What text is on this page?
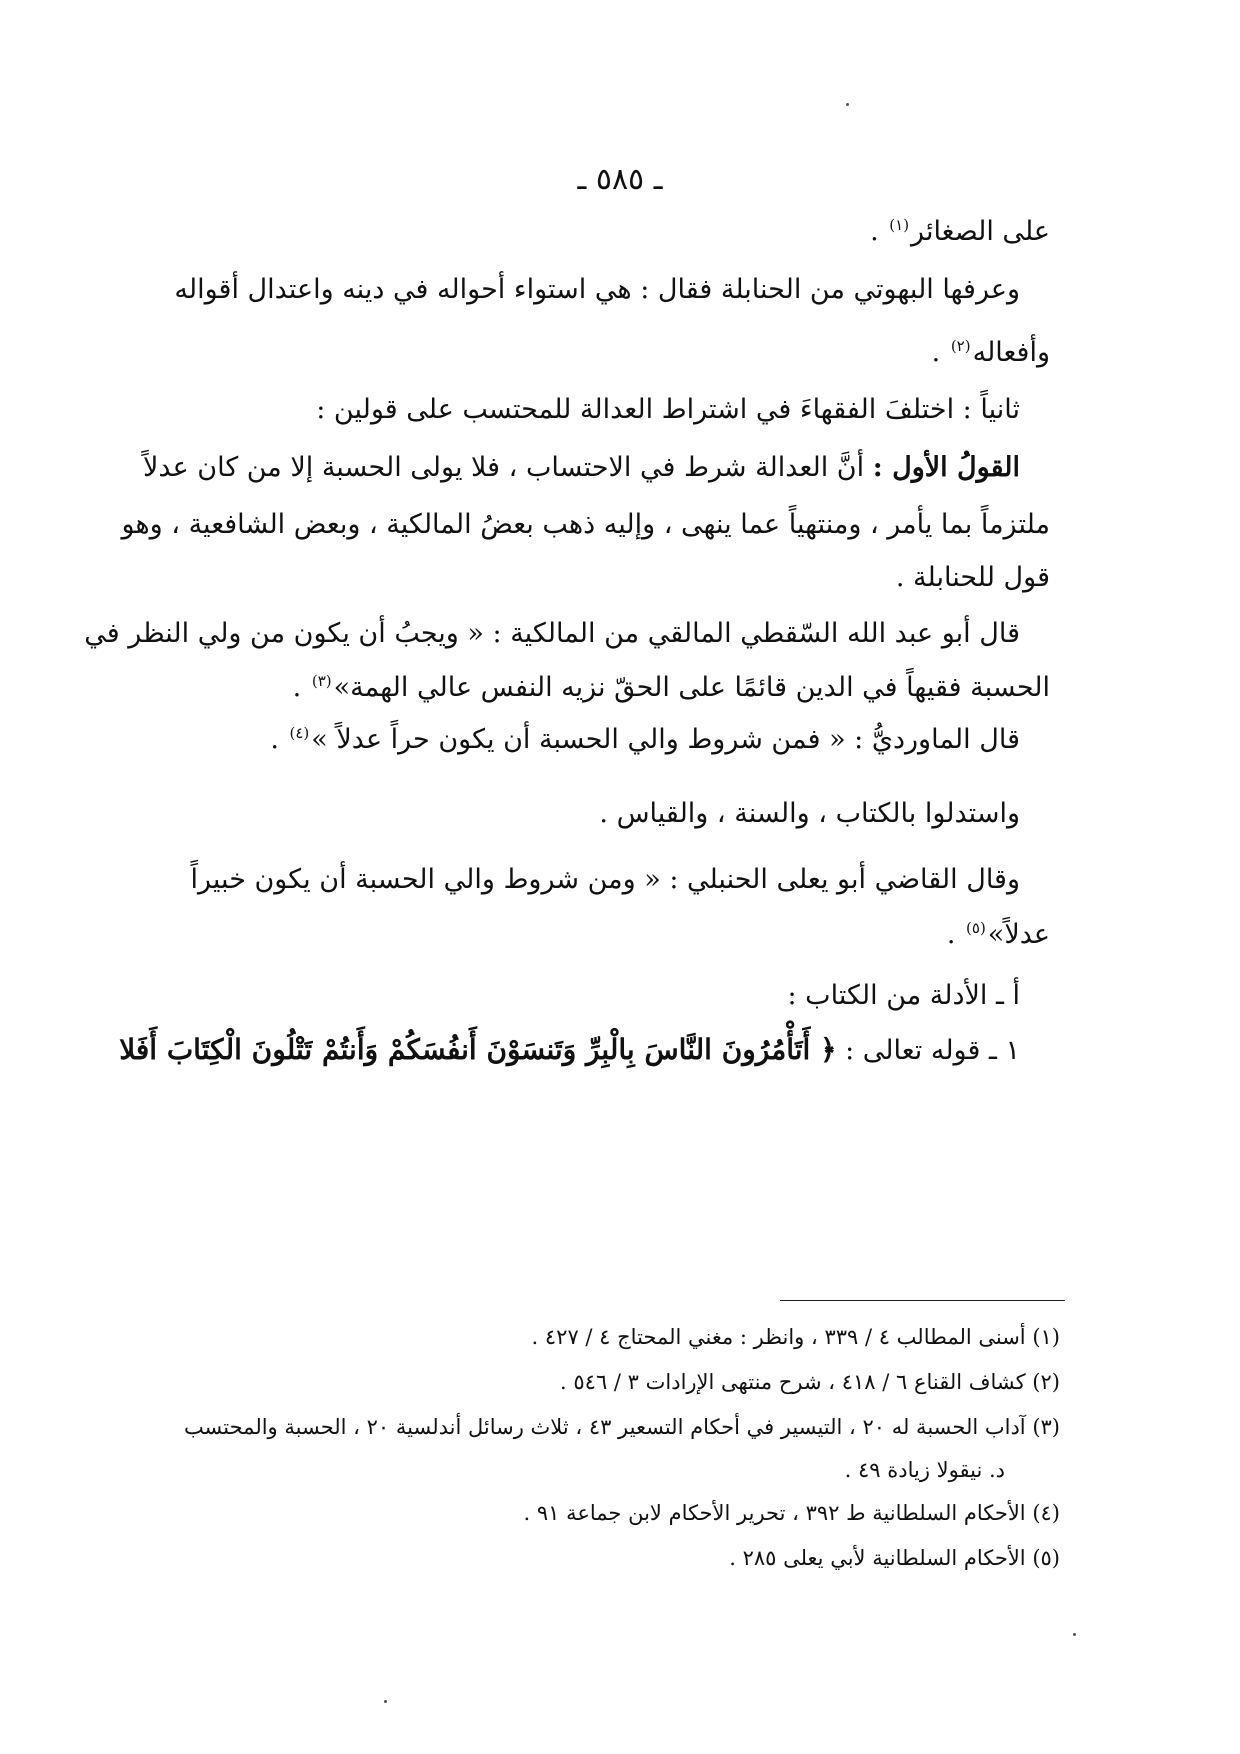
ـ ٥٨٥ ـ
على الصغائر$^{(١)}$ .
وعرفها البهوتي من الحنابلة فقال : هي استواء أحواله في دينه واعتدال أقواله
وأفعاله$^{(٢)}$ .
ثانياً : اختلفَ الفقهاءَ في اشتراط العدالة للمحتسب على قولين :
القولُ الأول : أنَّ العدالة شرط في الاحتساب ، فلا يولى الحسبة إلا من كان عدلاً
ملتزماً بما يأمر ، ومنتهياً عما ينهى ، وإليه ذهب بعضُ المالكية ، وبعض الشافعية ، وهو
قول للحنابلة .
قال أبو عبد الله السّقطي المالقي من المالكية : « ويجبُ أن يكون من ولي النظر في
الحسبة فقيهاً في الدين قائمًا على الحقّ نزيه النفس عالي الهمة»$^{(٣)}$ .
قال الماورديُّ : « فمن شروط والي الحسبة أن يكون حراً عدلاً »$^{(٤)}$ .
واستدلوا بالكتاب ، والسنة ، والقياس .
وقال القاضي أبو يعلى الحنبلي : « ومن شروط والي الحسبة أن يكون خبيراً
عدلاً»$^{(٥)}$ .
أ ـ الأدلة من الكتاب :
١ ـ قوله تعالى : ﴿ أَتَأْمُرُونَ النَّاسَ بِالْبِرِّ وَتَنسَوْنَ أَنفُسَكُمْ وَأَنتُمْ تَتْلُونَ الْكِتَابَ أَفَلا
(١) أسنى المطالب ٤ / ٣٣٩ ، وانظر : مغني المحتاج ٤ / ٤٢٧ .
(٢) كشاف القناع ٦ / ٤١٨ ، شرح منتهى الإرادات ٣ / ٥٤٦ .
(٣) آداب الحسبة له ٢٠ ، التيسير في أحكام التسعير ٤٣ ، ثلاث رسائل أندلسية ٢٠ ، الحسبة والمحتسب
د. نيقولا زيادة ٤٩ .
(٤) الأحكام السلطانية ط ٣٩٢ ، تحرير الأحكام لابن جماعة ٩١ .
(٥) الأحكام السلطانية لأبي يعلى ٢٨٥ .
